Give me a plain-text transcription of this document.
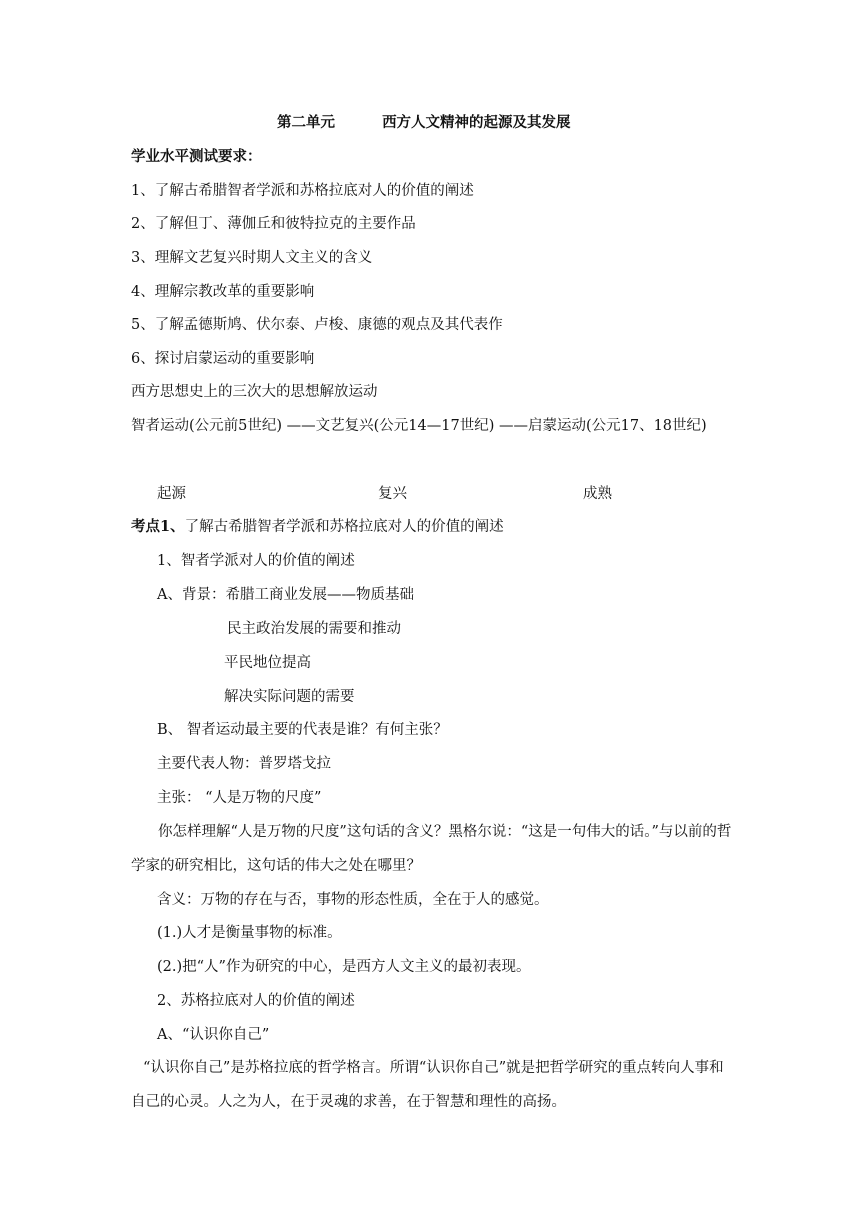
第二单元	西方人文精神的起源及其发展
学业水平测试要求：
1、了解古希腊智者学派和苏格拉底对人的价值的阐述
2、了解但丁、薄伽丘和彼特拉克的主要作品
3、理解文艺复兴时期人文主义的含义
4、理解宗教改革的重要影响
5、了解孟德斯鸠、伏尔泰、卢梭、康德的观点及其代表作
6、探讨启蒙运动的重要影响
西方思想史上的三次大的思想解放运动
智者运动(公元前5世纪) ——文艺复兴(公元14—17世纪) ——启蒙运动(公元17、18世纪)
起源	复兴	成熟
考点1、了解古希腊智者学派和苏格拉底对人的价值的阐述
1、智者学派对人的价值的阐述
A、背景：希腊工商业发展——物质基础
民主政治发展的需要和推动
平民地位提高
解决实际问题的需要
B、 智者运动最主要的代表是谁？有何主张？
主要代表人物：普罗塔戈拉
主张： “人是万物的尺度”
你怎样理解“人是万物的尺度”这句话的含义？黑格尔说：“这是一句伟大的话。”与以前的哲学家的研究相比，这句话的伟大之处在哪里？
含义：万物的存在与否，事物的形态性质，全在于人的感觉。
(1.)人才是衡量事物的标准。
(2.)把“人”作为研究的中心，是西方人文主义的最初表现。
2、苏格拉底对人的价值的阐述
A、“认识你自己”
“认识你自己”是苏格拉底的哲学格言。所谓“认识你自己”就是把哲学研究的重点转向人事和自己的心灵。人之为人，在于灵魂的求善，在于智慧和理性的高扬。
